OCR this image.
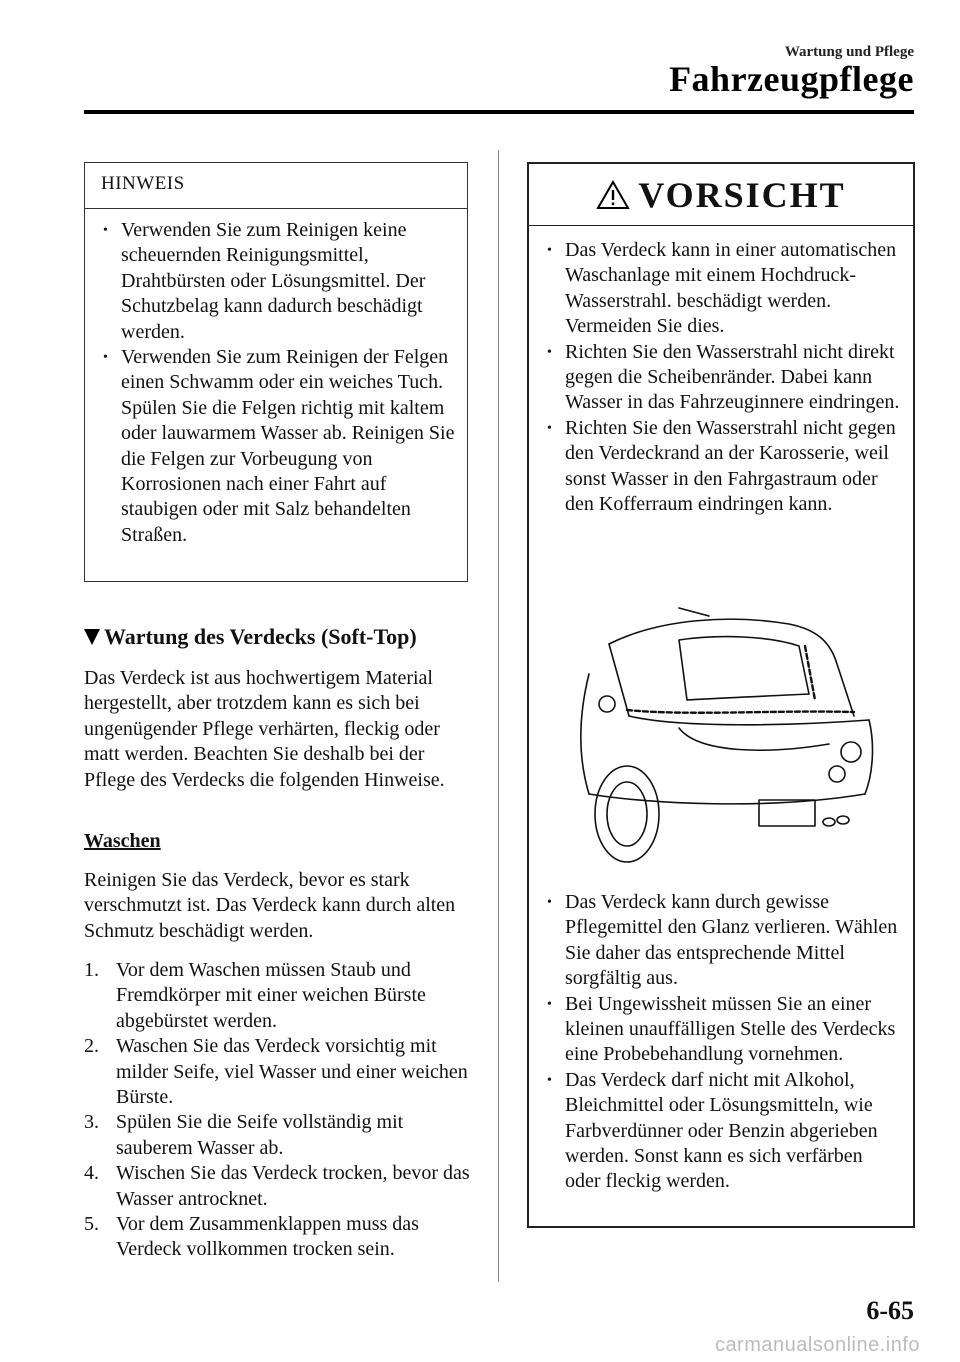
Wartung und Pflege
Fahrzeugpflege
HINWEIS
• Verwenden Sie zum Reinigen keine scheuernden Reinigungsmittel, Drahtbürsten oder Lösungsmittel. Der Schutzbelag kann dadurch beschädigt werden.
• Verwenden Sie zum Reinigen der Felgen einen Schwamm oder ein weiches Tuch. Spülen Sie die Felgen richtig mit kaltem oder lauwarmem Wasser ab. Reinigen Sie die Felgen zur Vorbeugung von Korrosionen nach einer Fahrt auf staubigen oder mit Salz behandelten Straßen.
Wartung des Verdecks (Soft-Top)
Das Verdeck ist aus hochwertigem Material hergestellt, aber trotzdem kann es sich bei ungenügender Pflege verhärten, fleckig oder matt werden. Beachten Sie deshalb bei der Pflege des Verdecks die folgenden Hinweise.
Waschen
Reinigen Sie das Verdeck, bevor es stark verschmutzt ist. Das Verdeck kann durch alten Schmutz beschädigt werden.
1. Vor dem Waschen müssen Staub und Fremdkörper mit einer weichen Bürste abgebürstet werden.
2. Waschen Sie das Verdeck vorsichtig mit milder Seife, viel Wasser und einer weichen Bürste.
3. Spülen Sie die Seife vollständig mit sauberem Wasser ab.
4. Wischen Sie das Verdeck trocken, bevor das Wasser antrocknet.
5. Vor dem Zusammenklappen muss das Verdeck vollkommen trocken sein.
VORSICHT
• Das Verdeck kann in einer automatischen Waschanlage mit einem Hochdruck-Wasserstrahl. beschädigt werden. Vermeiden Sie dies.
• Richten Sie den Wasserstrahl nicht direkt gegen die Scheibenränder. Dabei kann Wasser in das Fahrzeuginnere eindringen.
• Richten Sie den Wasserstrahl nicht gegen den Verdeckrand an der Karosserie, weil sonst Wasser in den Fahrgastraum oder den Kofferraum eindringen kann.
• Das Verdeck kann durch gewisse Pflegemittel den Glanz verlieren. Wählen Sie daher das entsprechende Mittel sorgfältig aus.
• Bei Ungewissheit müssen Sie an einer kleinen unauffälligen Stelle des Verdecks eine Probebehandlung vornehmen.
• Das Verdeck darf nicht mit Alkohol, Bleichmittel oder Lösungsmitteln, wie Farbverdünner oder Benzin abgerieben werden. Sonst kann es sich verfärben oder fleckig werden.
6-65
carmanualsonline.info
